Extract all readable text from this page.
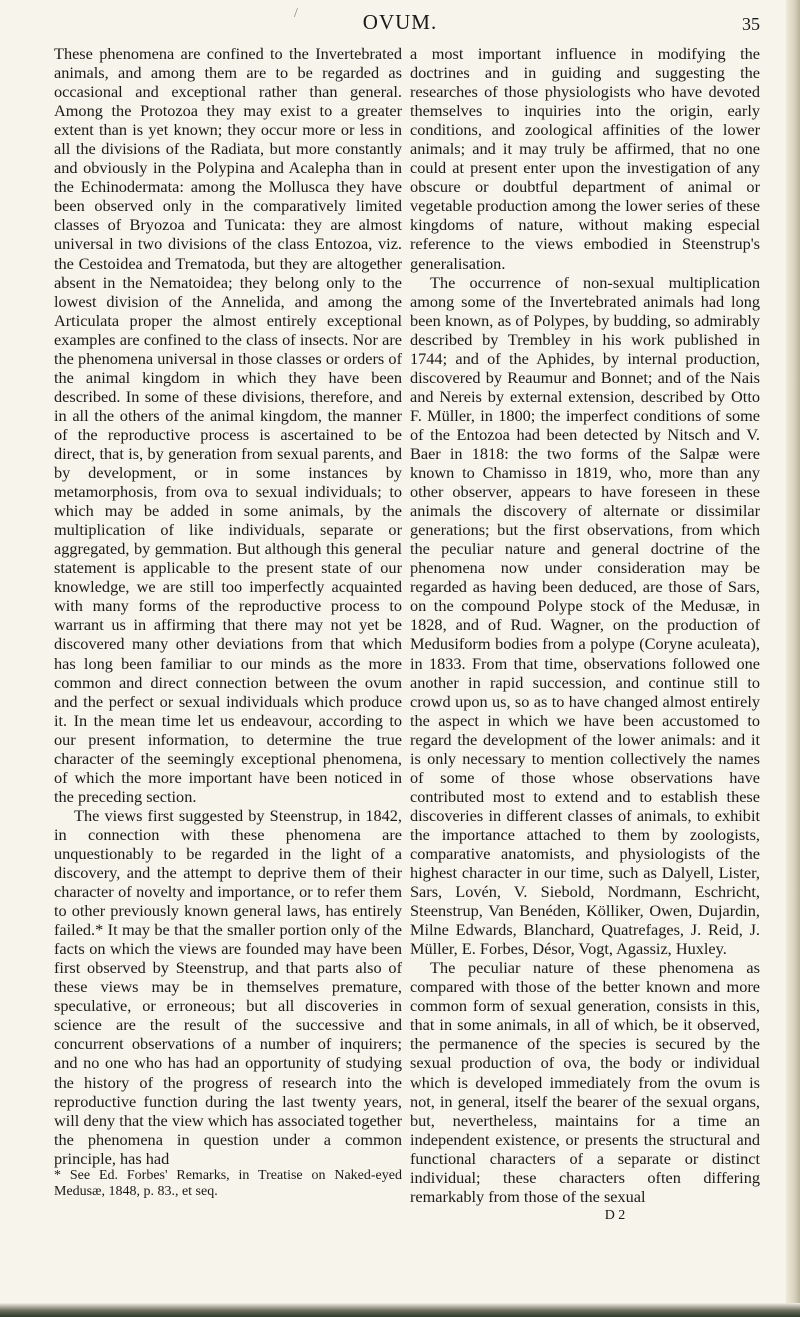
/	OVUM.	35

These phenomena are confined to the Invertebrated animals, and among them are to be regarded as occasional and exceptional rather than general. Among the Protozoa they may exist to a greater extent than is yet known; they occur more or less in all the divisions of the Radiata, but more constantly and obviously in the Polypina and Acalepha than in the Echinodermata: among the Mollusca they have been observed only in the comparatively limited classes of Bryozoa and Tunicata: they are almost universal in two divisions of the class Entozoa, viz. the Cestoidea and Trematoda, but they are altogether absent in the Nematoidea; they belong only to the lowest division of the Annelida, and among the Articulata proper the almost entirely exceptional examples are confined to the class of insects. Nor are the phenomena universal in those classes or orders of the animal kingdom in which they have been described. In some of these divisions, therefore, and in all the others of the animal kingdom, the manner of the reproductive process is ascertained to be direct, that is, by generation from sexual parents, and by development, or in some instances by metamorphosis, from ova to sexual individuals; to which may be added in some animals, by the multiplication of like individuals, separate or aggregated, by gemmation. But although this general statement is applicable to the present state of our knowledge, we are still too imperfectly acquainted with many forms of the reproductive process to warrant us in affirming that there may not yet be discovered many other deviations from that which has long been familiar to our minds as the more common and direct connection between the ovum and the perfect or sexual individuals which produce it. In the mean time let us endeavour, according to our present information, to determine the true character of the seemingly exceptional phenomena, of which the more important have been noticed in the preceding section.

The views first suggested by Steenstrup, in 1842, in connection with these phenomena are unquestionably to be regarded in the light of a discovery, and the attempt to deprive them of their character of novelty and importance, or to refer them to other previously known general laws, has entirely failed.* It may be that the smaller portion only of the facts on which the views are founded may have been first observed by Steenstrup, and that parts also of these views may be in themselves premature, speculative, or erroneous; but all discoveries in science are the result of the successive and concurrent observations of a number of inquirers; and no one who has had an opportunity of studying the history of the progress of research into the reproductive function during the last twenty years, will deny that the view which has associated together the phenomena in question under a common principle, has had

* See Ed. Forbes' Remarks, in Treatise on Naked-eyed Medusæ, 1848, p. 83., et seq.

a most important influence in modifying the doctrines and in guiding and suggesting the researches of those physiologists who have devoted themselves to inquiries into the origin, early conditions, and zoological affinities of the lower animals; and it may truly be affirmed, that no one could at present enter upon the investigation of any obscure or doubtful department of animal or vegetable production among the lower series of these kingdoms of nature, without making especial reference to the views embodied in Steenstrup's generalisation.

The occurrence of non-sexual multiplication among some of the Invertebrated animals had long been known, as of Polypes, by budding, so admirably described by Trembley in his work published in 1744; and of the Aphides, by internal production, discovered by Reaumur and Bonnet; and of the Nais and Nereis by external extension, described by Otto F. Müller, in 1800; the imperfect conditions of some of the Entozoa had been detected by Nitsch and V. Baer in 1818: the two forms of the Salpæ were known to Chamisso in 1819, who, more than any other observer, appears to have foreseen in these animals the discovery of alternate or dissimilar generations; but the first observations, from which the peculiar nature and general doctrine of the phenomena now under consideration may be regarded as having been deduced, are those of Sars, on the compound Polype stock of the Medusæ, in 1828, and of Rud. Wagner, on the production of Medusiform bodies from a polype (Coryne aculeata), in 1833. From that time, observations followed one another in rapid succession, and continue still to crowd upon us, so as to have changed almost entirely the aspect in which we have been accustomed to regard the development of the lower animals: and it is only necessary to mention collectively the names of some of those whose observations have contributed most to extend and to establish these discoveries in different classes of animals, to exhibit the importance attached to them by zoologists, comparative anatomists, and physiologists of the highest character in our time, such as Dalyell, Lister, Sars, Lovén, V. Siebold, Nordmann, Eschricht, Steenstrup, Van Benéden, Kölliker, Owen, Dujardin, Milne Edwards, Blanchard, Quatrefages, J. Reid, J. Müller, E. Forbes, Désor, Vogt, Agassiz, Huxley.

The peculiar nature of these phenomena as compared with those of the better known and more common form of sexual generation, consists in this, that in some animals, in all of which, be it observed, the permanence of the species is secured by the sexual production of ova, the body or individual which is developed immediately from the ovum is not, in general, itself the bearer of the sexual organs, but, nevertheless, maintains for a time an independent existence, or presents the structural and functional characters of a separate or distinct individual; these characters often differing remarkably from those of the sexual

D 2
